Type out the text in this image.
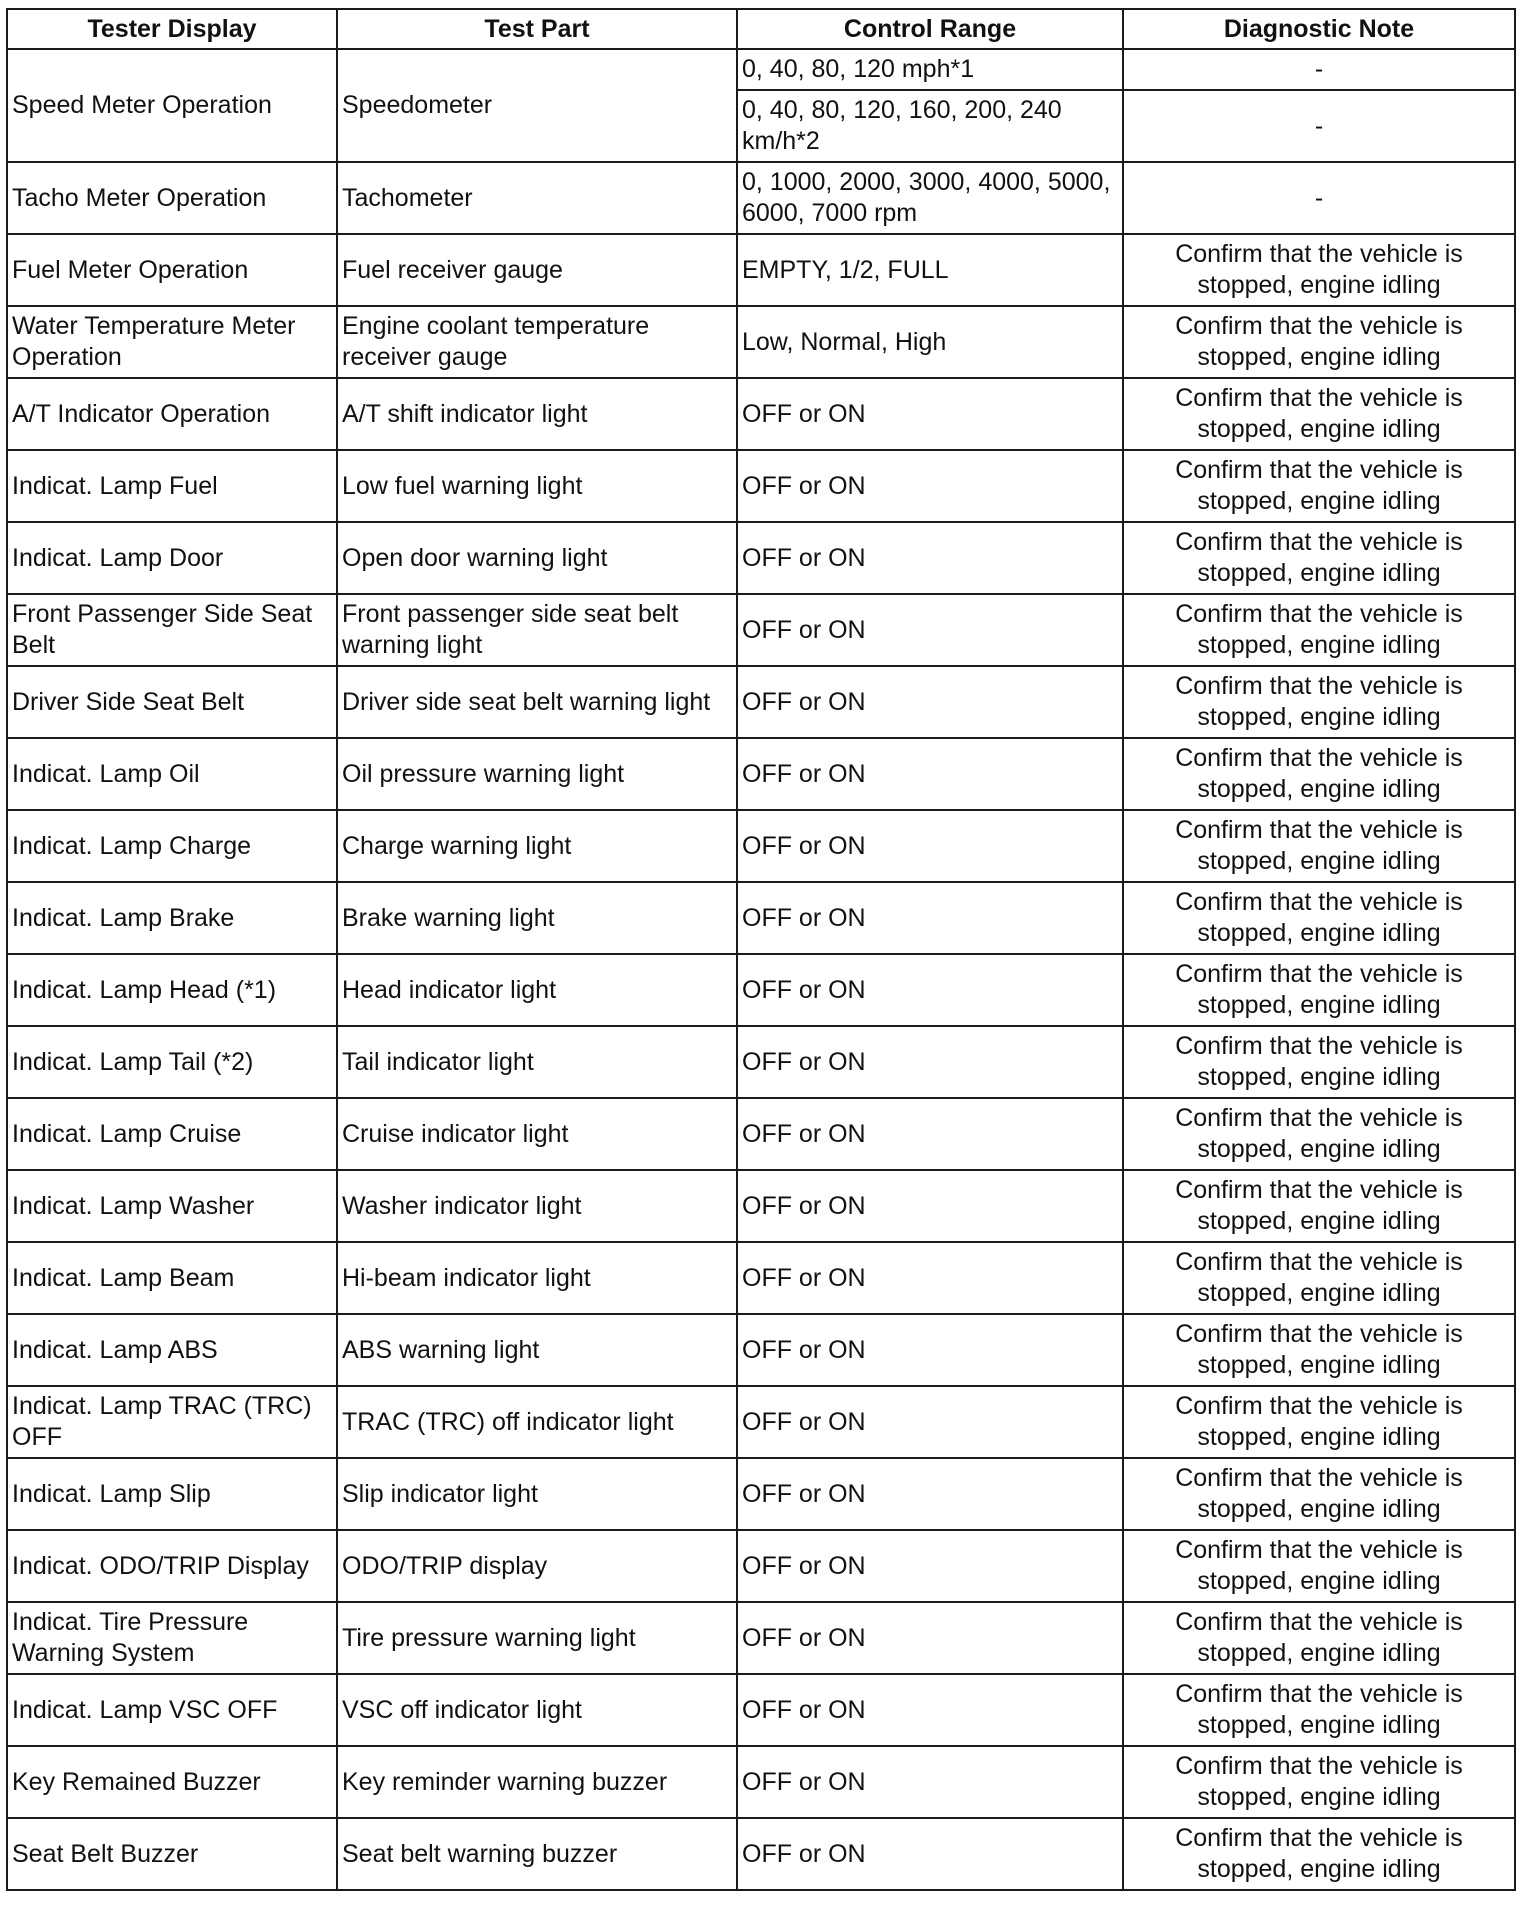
Tester Display	Test Part	Control Range	Diagnostic Note
Speed Meter Operation	Speedometer	0, 40, 80, 120 mph*1	-
		0, 40, 80, 120, 160, 200, 240 km/h*2	-
Tacho Meter Operation	Tachometer	0, 1000, 2000, 3000, 4000, 5000, 6000, 7000 rpm	-
Fuel Meter Operation	Fuel receiver gauge	EMPTY, 1/2, FULL	Confirm that the vehicle is stopped, engine idling
Water Temperature Meter Operation	Engine coolant temperature receiver gauge	Low, Normal, High	Confirm that the vehicle is stopped, engine idling
A/T Indicator Operation	A/T shift indicator light	OFF or ON	Confirm that the vehicle is stopped, engine idling
Indicat. Lamp Fuel	Low fuel warning light	OFF or ON	Confirm that the vehicle is stopped, engine idling
Indicat. Lamp Door	Open door warning light	OFF or ON	Confirm that the vehicle is stopped, engine idling
Front Passenger Side Seat Belt	Front passenger side seat belt warning light	OFF or ON	Confirm that the vehicle is stopped, engine idling
Driver Side Seat Belt	Driver side seat belt warning light	OFF or ON	Confirm that the vehicle is stopped, engine idling
Indicat. Lamp Oil	Oil pressure warning light	OFF or ON	Confirm that the vehicle is stopped, engine idling
Indicat. Lamp Charge	Charge warning light	OFF or ON	Confirm that the vehicle is stopped, engine idling
Indicat. Lamp Brake	Brake warning light	OFF or ON	Confirm that the vehicle is stopped, engine idling
Indicat. Lamp Head (*1)	Head indicator light	OFF or ON	Confirm that the vehicle is stopped, engine idling
Indicat. Lamp Tail (*2)	Tail indicator light	OFF or ON	Confirm that the vehicle is stopped, engine idling
Indicat. Lamp Cruise	Cruise indicator light	OFF or ON	Confirm that the vehicle is stopped, engine idling
Indicat. Lamp Washer	Washer indicator light	OFF or ON	Confirm that the vehicle is stopped, engine idling
Indicat. Lamp Beam	Hi-beam indicator light	OFF or ON	Confirm that the vehicle is stopped, engine idling
Indicat. Lamp ABS	ABS warning light	OFF or ON	Confirm that the vehicle is stopped, engine idling
Indicat. Lamp TRAC (TRC) OFF	TRAC (TRC) off indicator light	OFF or ON	Confirm that the vehicle is stopped, engine idling
Indicat. Lamp Slip	Slip indicator light	OFF or ON	Confirm that the vehicle is stopped, engine idling
Indicat. ODO/TRIP Display	ODO/TRIP display	OFF or ON	Confirm that the vehicle is stopped, engine idling
Indicat. Tire Pressure Warning System	Tire pressure warning light	OFF or ON	Confirm that the vehicle is stopped, engine idling
Indicat. Lamp VSC OFF	VSC off indicator light	OFF or ON	Confirm that the vehicle is stopped, engine idling
Key Remained Buzzer	Key reminder warning buzzer	OFF or ON	Confirm that the vehicle is stopped, engine idling
Seat Belt Buzzer	Seat belt warning buzzer	OFF or ON	Confirm that the vehicle is stopped, engine idling
